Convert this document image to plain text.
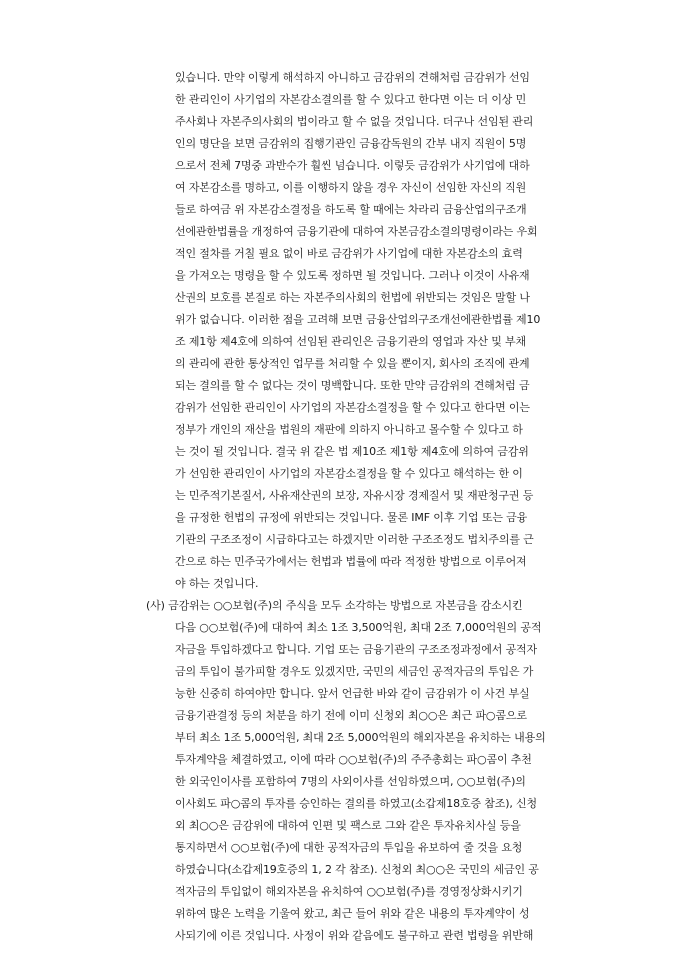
있습니다. 만약 이렇게 해석하지 아니하고 금감위의 견해처럼 금감위가 선임
한 관리인이 사기업의 자본감소결의를 할 수 있다고 한다면 이는 더 이상 민
주사회나 자본주의사회의 법이라고 할 수 없을 것입니다. 더구나 선임된 관리
인의 명단을 보면 금감위의 집행기관인 금융감독원의 간부 내지 직원이 5명
으로서 전체 7명중 과반수가 훨씬 넘습니다. 이렇듯 금감위가 사기업에 대하
여 자본감소를 명하고, 이를 이행하지 않을 경우 자신이 선임한 자신의 직원
들로 하여금 위 자본감소결정을 하도록 할 때에는 차라리 금융산업의구조개
선에관한법률을 개정하여 금융기관에 대하여 자본금감소결의명령이라는 우회
적인 절차를 거칠 필요 없이 바로 금감위가 사기업에 대한 자본감소의 효력
을 가져오는 명령을 할 수 있도록 정하면 될 것입니다. 그러나 이것이 사유재
산권의 보호를 본질로 하는 자본주의사회의 헌법에 위반되는 것임은 말할 나
위가 없습니다. 이러한 점을 고려해 보면 금융산업의구조개선에관한법률 제10
조 제1항 제4호에 의하여 선임된 관리인은 금융기관의 영업과 자산 및 부채
의 관리에 관한 통상적인 업무를 처리할 수 있을 뿐이지, 회사의 조직에 관계
되는 결의를 할 수 없다는 것이 명백합니다. 또한 만약 금감위의 견해처럼 금
감위가 선임한 관리인이 사기업의 자본감소결정을 할 수 있다고 한다면 이는
정부가 개인의 재산을 법원의 재판에 의하지 아니하고 몰수할 수 있다고 하
는 것이 될 것입니다. 결국 위 같은 법 제10조 제1항 제4호에 의하여 금감위
가 선임한 관리인이 사기업의 자본감소결정을 할 수 있다고 해석하는 한 이
는 민주적기본질서, 사유재산권의 보장, 자유시장 경제질서 및 재판청구권 등
을 규정한 헌법의 규정에 위반되는 것입니다. 물론 IMF 이후 기업 또는 금융
기관의 구조조정이 시급하다고는 하겠지만 이러한 구조조정도 법치주의를 근
간으로 하는 민주국가에서는 헌법과 법률에 따라 적정한 방법으로 이루어져
야 하는 것입니다.
(사) 금감위는 ○○보험(주)의 주식을 모두 소각하는 방법으로 자본금을 감소시킨
다음 ○○보험(주)에 대하여 최소 1조 3,500억원, 최대 2조 7,000억원의 공적
자금을 투입하겠다고 합니다. 기업 또는 금융기관의 구조조정과정에서 공적자
금의 투입이 불가피할 경우도 있겠지만, 국민의 세금인 공적자금의 투입은 가
능한 신중히 하여야만 합니다. 앞서 언급한 바와 같이 금감위가 이 사건 부실
금융기관결정 등의 처분을 하기 전에 이미 신청외 최○○은 최근 파○콤으로
부터 최소 1조 5,000억원, 최대 2조 5,000억원의 해외자본을 유치하는 내용의
투자계약을 체결하였고, 이에 따라 ○○보험(주)의 주주총회는 파○콤이 추천
한 외국인이사를 포함하여 7명의 사외이사를 선임하였으며, ○○보험(주)의
이사회도 파○콤의 투자를 승인하는 결의를 하였고(소갑제18호증 참조), 신청
외 최○○은 금감위에 대하여 인편 및 팩스로 그와 같은 투자유치사실 등을
통지하면서 ○○보험(주)에 대한 공적자금의 투입을 유보하여 줄 것을 요청
하였습니다(소갑제19호증의 1, 2 각 참조). 신청외 최○○은 국민의 세금인 공
적자금의 투입없이 해외자본을 유치하여 ○○보험(주)를 경영정상화시키기
위하여 많은 노력을 기울여 왔고, 최근 들어 위와 같은 내용의 투자계약이 성
사되기에 이른 것입니다. 사정이 위와 같음에도 불구하고 관련 법령을 위반해
